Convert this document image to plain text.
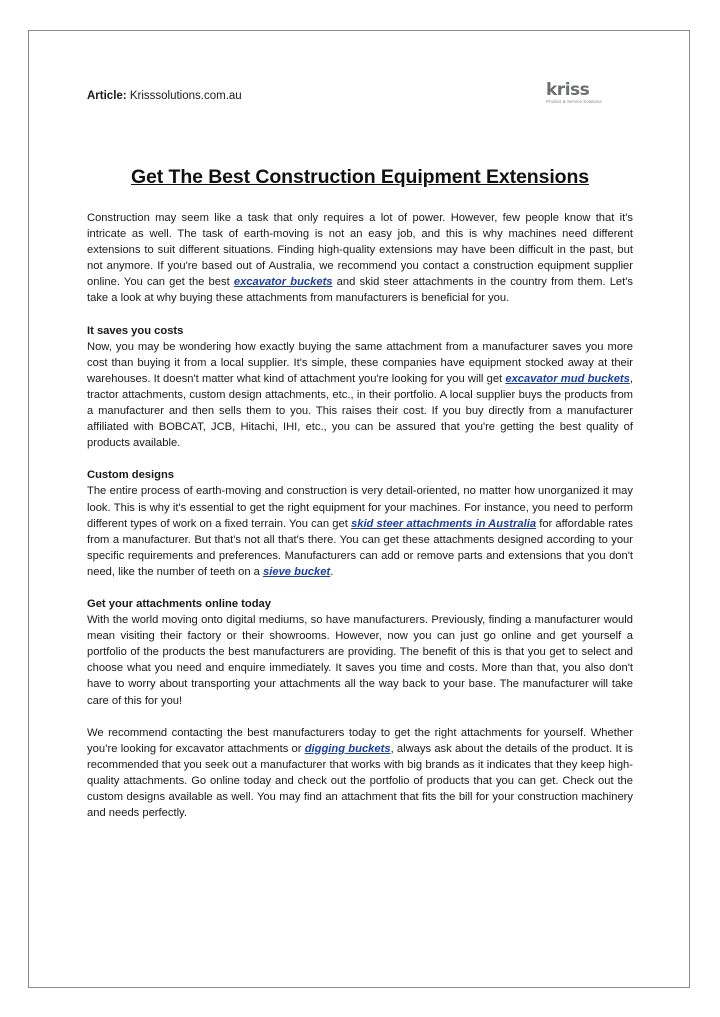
Article: Krisssolutions.com.au	kriss
Product & Service Solutions
Get The Best Construction Equipment Extensions

Construction may seem like a task that only requires a lot of power. However, few people know that it's intricate as well. The task of earth-moving is not an easy job, and this is why machines need different extensions to suit different situations. Finding high-quality extensions may have been difficult in the past, but not anymore. If you're based out of Australia, we recommend you contact a construction equipment supplier online. You can get the best excavator buckets and skid steer attachments in the country from them. Let's take a look at why buying these attachments from manufacturers is beneficial for you.

It saves you costs

Now, you may be wondering how exactly buying the same attachment from a manufacturer saves you more cost than buying it from a local supplier. It's simple, these companies have equipment stocked away at their warehouses. It doesn't matter what kind of attachment you're looking for you will get excavator mud buckets, tractor attachments, custom design attachments, etc., in their portfolio. A local supplier buys the products from a manufacturer and then sells them to you. This raises their cost. If you buy directly from a manufacturer affiliated with BOBCAT, JCB, Hitachi, IHI, etc., you can be assured that you're getting the best quality of products available.

Custom designs

The entire process of earth-moving and construction is very detail-oriented, no matter how unorganized it may look. This is why it's essential to get the right equipment for your machines. For instance, you need to perform different types of work on a fixed terrain. You can get skid steer attachments in Australia for affordable rates from a manufacturer. But that's not all that's there. You can get these attachments designed according to your specific requirements and preferences. Manufacturers can add or remove parts and extensions that you don't need, like the number of teeth on a sieve bucket.

Get your attachments online today

With the world moving onto digital mediums, so have manufacturers. Previously, finding a manufacturer would mean visiting their factory or their showrooms. However, now you can just go online and get yourself a portfolio of the products the best manufacturers are providing. The benefit of this is that you get to select and choose what you need and enquire immediately. It saves you time and costs. More than that, you also don't have to worry about transporting your attachments all the way back to your base. The manufacturer will take care of this for you!

We recommend contacting the best manufacturers today to get the right attachments for yourself. Whether you’re looking for excavator attachments or digging buckets, always ask about the details of the product. It is recommended that you seek out a manufacturer that works with big brands as it indicates that they keep high-quality attachments. Go online today and check out the portfolio of products that you can get. Check out the custom designs available as well. You may find an attachment that fits the bill for your construction machinery and needs perfectly.
